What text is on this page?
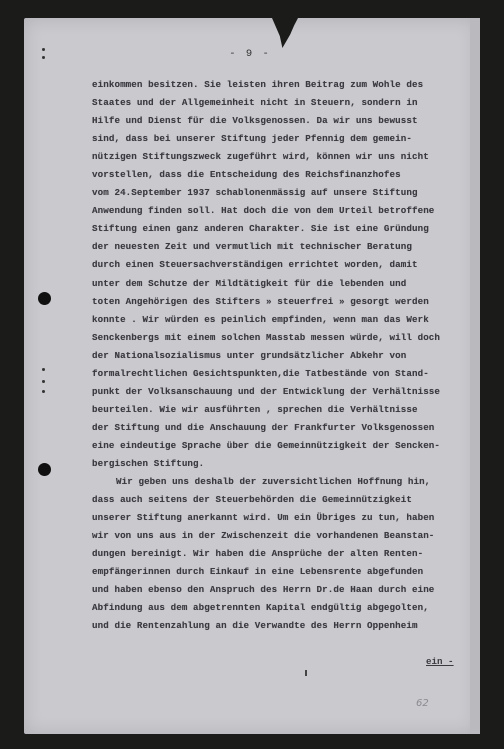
- 9 -
einkommen besitzen. Sie leisten ihren Beitrag zum Wohle des
Staates und der Allgemeinheit nicht in Steuern, sondern in
Hilfe und Dienst für die Volksgenossen. Da wir uns bewusst
sind, dass bei unserer Stiftung jeder Pfennig dem gemein-
nützigen Stiftungszweck zugeführt wird, können wir uns nicht
vorstellen, dass die Entscheidung des Reichsfinanzhofes
vom 24.September 1937 schablonenmässig auf unsere Stiftung
Anwendung finden soll. Hat doch die von dem Urteil betroffene
Stiftung einen ganz anderen Charakter. Sie ist eine Gründung
der neuesten Zeit und vermutlich mit technischer Beratung
durch einen Steuersachverständigen errichtet worden, damit
unter dem Schutze der Mildtätigkeit für die lebenden und
toten Angehörigen des Stifters » steuerfrei » gesorgt werden
konnte . Wir würden es peinlich empfinden, wenn man das Werk
Senckenbergs mit einem solchen Masstab messen würde, will doch
der Nationalsozialismus unter grundsätzlicher Abkehr von
formalrechtlichen Gesichtspunkten,die Tatbestände von Stand-
punkt der Volksanschauung und der Entwicklung der Verhältnisse
beurteilen. Wie wir ausführten , sprechen die Verhältnisse
der Stiftung und die Anschauung der Frankfurter Volksgenossen
eine eindeutige Sprache über die Gemeinnützigkeit der Sencken-
bergischen Stiftung.
Wir geben uns deshalb der zuversichtlichen Hoffnung hin,
dass auch seitens der Steuerbehörden die Gemeinnützigkeit
unserer Stiftung anerkannt wird. Um ein Übriges zu tun, haben
wir von uns aus in der Zwischenzeit die vorhandenen Beanstan-
dungen bereinigt. Wir haben die Ansprüche der alten Renten-
empfängerinnen durch Einkauf in eine Lebensrente abgefunden
und haben ebenso den Anspruch des Herrn Dr.de Haan durch eine
Abfindung aus dem abgetrennten Kapital endgültig abgegolten,
und die Rentenzahlung an die Verwandte des Herrn Oppenheim
ein -
62
